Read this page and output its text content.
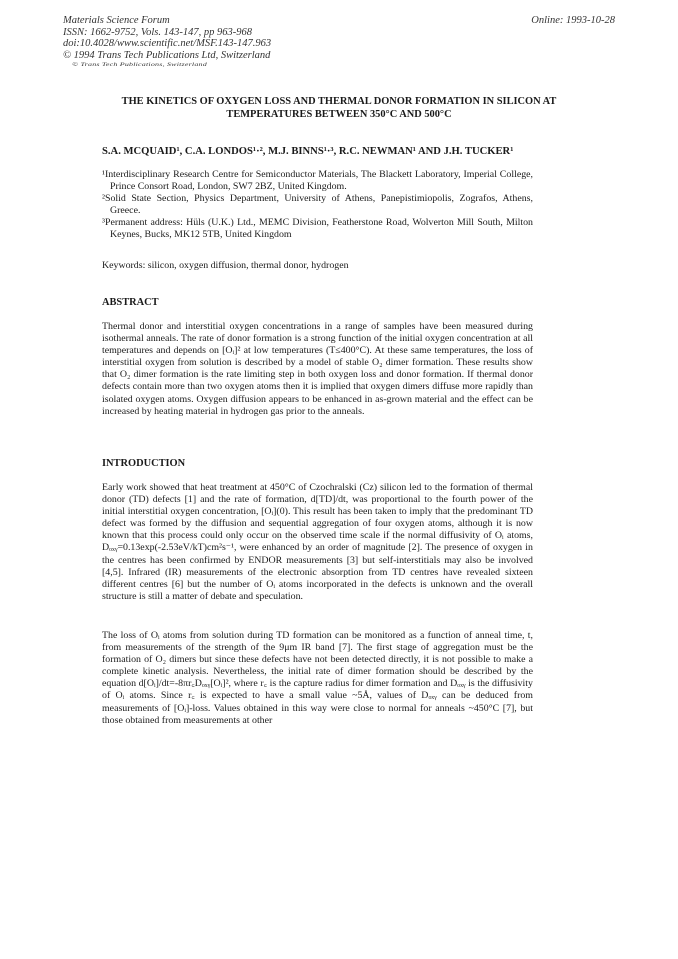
Materials Science Forum
ISSN: 1662-9752, Vols. 143-147, pp 963-968
doi:10.4028/www.scientific.net/MSF.143-147.963
© 1994 Trans Tech Publications Ltd, Switzerland
Online: 1993-10-28
© Trans Tech Publications, Switzerland
THE KINETICS OF OXYGEN LOSS AND THERMAL DONOR FORMATION IN SILICON AT TEMPERATURES BETWEEN 350°C AND 500°C
S.A. MCQUAID¹, C.A. LONDOS¹·², M.J. BINNS¹·³, R.C. NEWMAN¹ AND J.H. TUCKER¹
¹Interdisciplinary Research Centre for Semiconductor Materials, The Blackett Laboratory, Imperial College, Prince Consort Road, London, SW7 2BZ, United Kingdom.
²Solid State Section, Physics Department, University of Athens, Panepistimiopolis, Zografos, Athens, Greece.
³Permanent address: Hüls (U.K.) Ltd., MEMC Division, Featherstone Road, Wolverton Mill South, Milton Keynes, Bucks, MK12 5TB, United Kingdom
Keywords: silicon, oxygen diffusion, thermal donor, hydrogen
ABSTRACT
Thermal donor and interstitial oxygen concentrations in a range of samples have been measured during isothermal anneals. The rate of donor formation is a strong function of the initial oxygen concentration at all temperatures and depends on [Oᵢ]² at low temperatures (T≤400°C). At these same temperatures, the loss of interstitial oxygen from solution is described by a model of stable O₂ dimer formation. These results show that O₂ dimer formation is the rate limiting step in both oxygen loss and donor formation. If thermal donor defects contain more than two oxygen atoms then it is implied that oxygen dimers diffuse more rapidly than isolated oxygen atoms. Oxygen diffusion appears to be enhanced in as-grown material and the effect can be increased by heating material in hydrogen gas prior to the anneals.
INTRODUCTION
Early work showed that heat treatment at 450°C of Czochralski (Cz) silicon led to the formation of thermal donor (TD) defects [1] and the rate of formation, d[TD]/dt, was proportional to the fourth power of the initial interstitial oxygen concentration, [Oᵢ](0). This result has been taken to imply that the predominant TD defect was formed by the diffusion and sequential aggregation of four oxygen atoms, although it is now known that this process could only occur on the observed time scale if the normal diffusivity of Oᵢ atoms, Dₒₓᵧ=0.13exp(-2.53eV/kT)cm²s⁻¹, were enhanced by an order of magnitude [2]. The presence of oxygen in the centres has been confirmed by ENDOR measurements [3] but self-interstitials may also be involved [4,5]. Infrared (IR) measurements of the electronic absorption from TD centres have revealed sixteen different centres [6] but the number of Oᵢ atoms incorporated in the defects is unknown and the overall structure is still a matter of debate and speculation.
The loss of Oᵢ atoms from solution during TD formation can be monitored as a function of anneal time, t, from measurements of the strength of the 9μm IR band [7]. The first stage of aggregation must be the formation of O₂ dimers but since these defects have not been detected directly, it is not possible to make a complete kinetic analysis. Nevertheless, the initial rate of dimer formation should be described by the equation d[Oᵢ]/dt=-8πr꜀Dₒₓᵧ[Oᵢ]², where r꜀ is the capture radius for dimer formation and Dₒₓᵧ is the diffusivity of Oᵢ atoms. Since r꜀ is expected to have a small value ~5Å, values of Dₒₓᵧ can be deduced from measurements of [Oᵢ]-loss. Values obtained in this way were close to normal for anneals ~450°C [7], but those obtained from measurements at other
